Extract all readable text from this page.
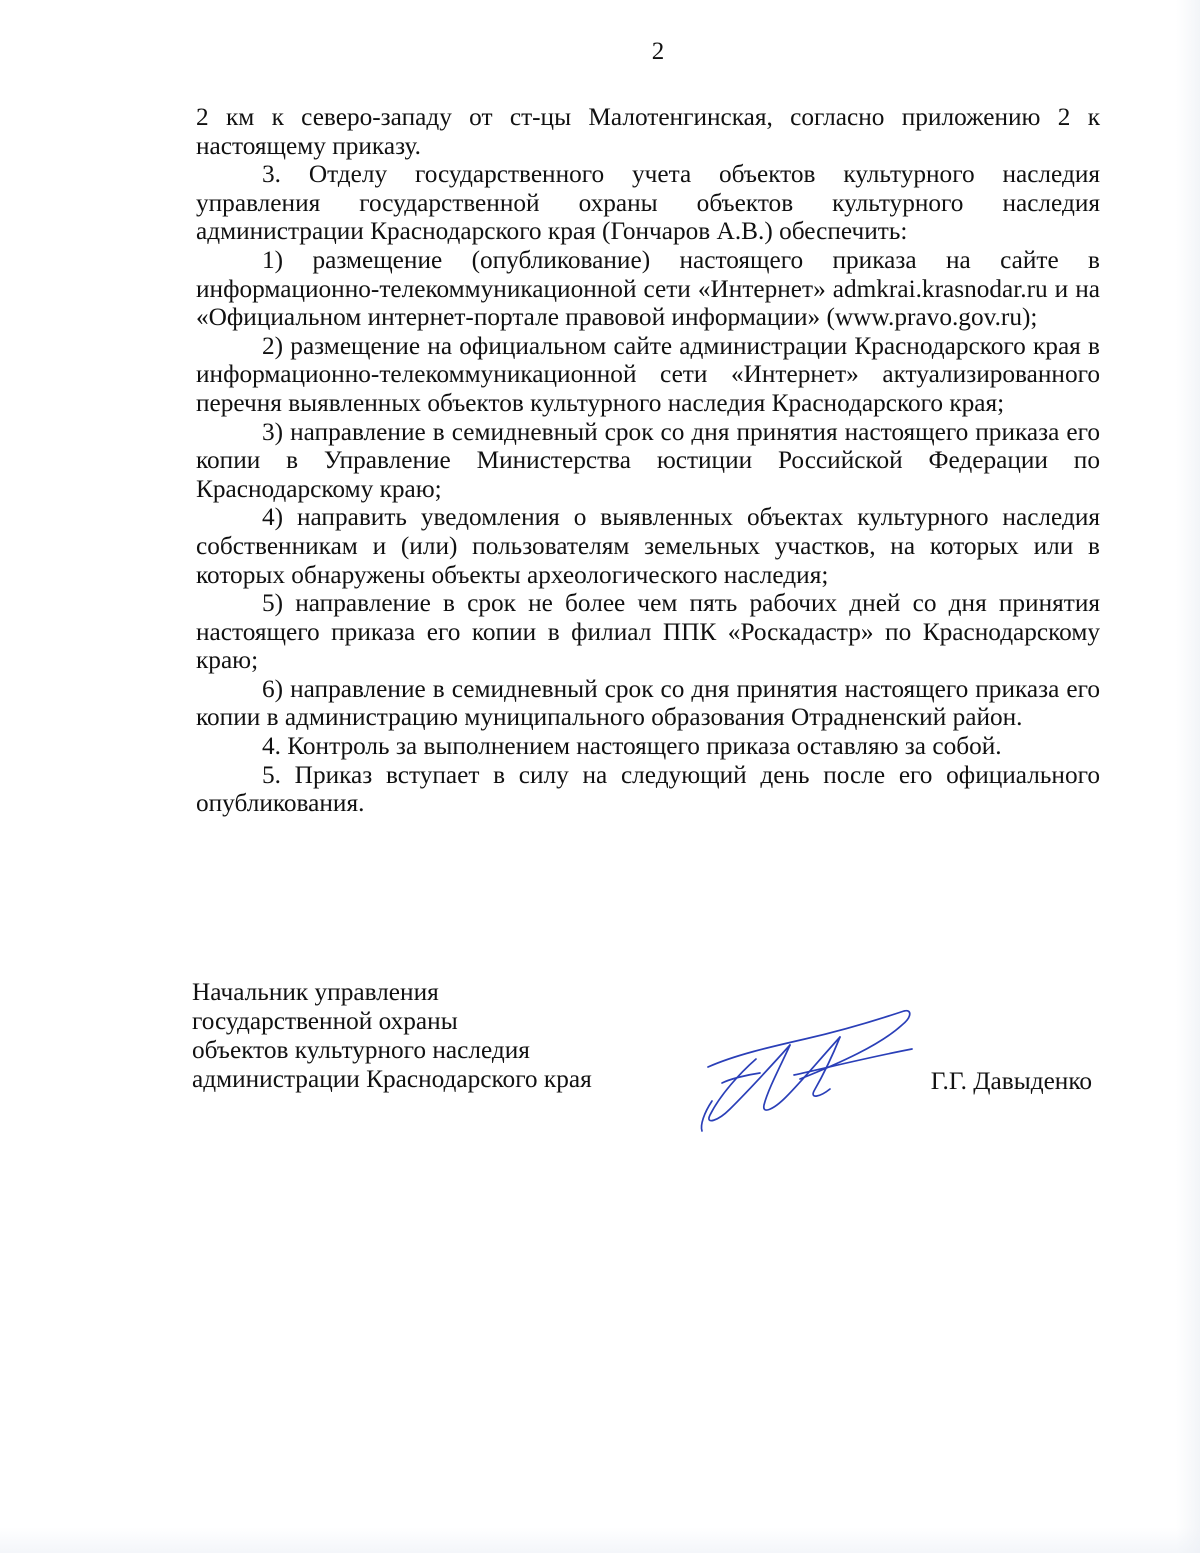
2

2 км к северо-западу от ст-цы Малотенгинская, согласно приложению 2 к настоящему приказу.

3. Отделу государственного учета объектов культурного наследия управления государственной охраны объектов культурного наследия администрации Краснодарского края (Гончаров А.В.) обеспечить:

1) размещение (опубликование) настоящего приказа на сайте в информационно-телекоммуникационной сети «Интернет» admkrai.krasnodar.ru и на «Официальном интернет-портале правовой информации» (www.pravo.gov.ru);

2) размещение на официальном сайте администрации Краснодарского края в информационно-телекоммуникационной сети «Интернет» актуализированного перечня выявленных объектов культурного наследия Краснодарского края;

3) направление в семидневный срок со дня принятия настоящего приказа его копии в Управление Министерства юстиции Российской Федерации по Краснодарскому краю;

4) направить уведомления о выявленных объектах культурного наследия собственникам и (или) пользователям земельных участков, на которых или в которых обнаружены объекты археологического наследия;

5) направление в срок не более чем пять рабочих дней со дня принятия настоящего приказа его копии в филиал ППК «Роскадастр» по Краснодарскому краю;

6) направление в семидневный срок со дня принятия настоящего приказа его копии в администрацию муниципального образования Отрадненский район.

4. Контроль за выполнением настоящего приказа оставляю за собой.

5. Приказ вступает в силу на следующий день после его официального опубликования.

Начальник управления
государственной охраны
объектов культурного наследия
администрации Краснодарского края	Г.Г. Давыденко
